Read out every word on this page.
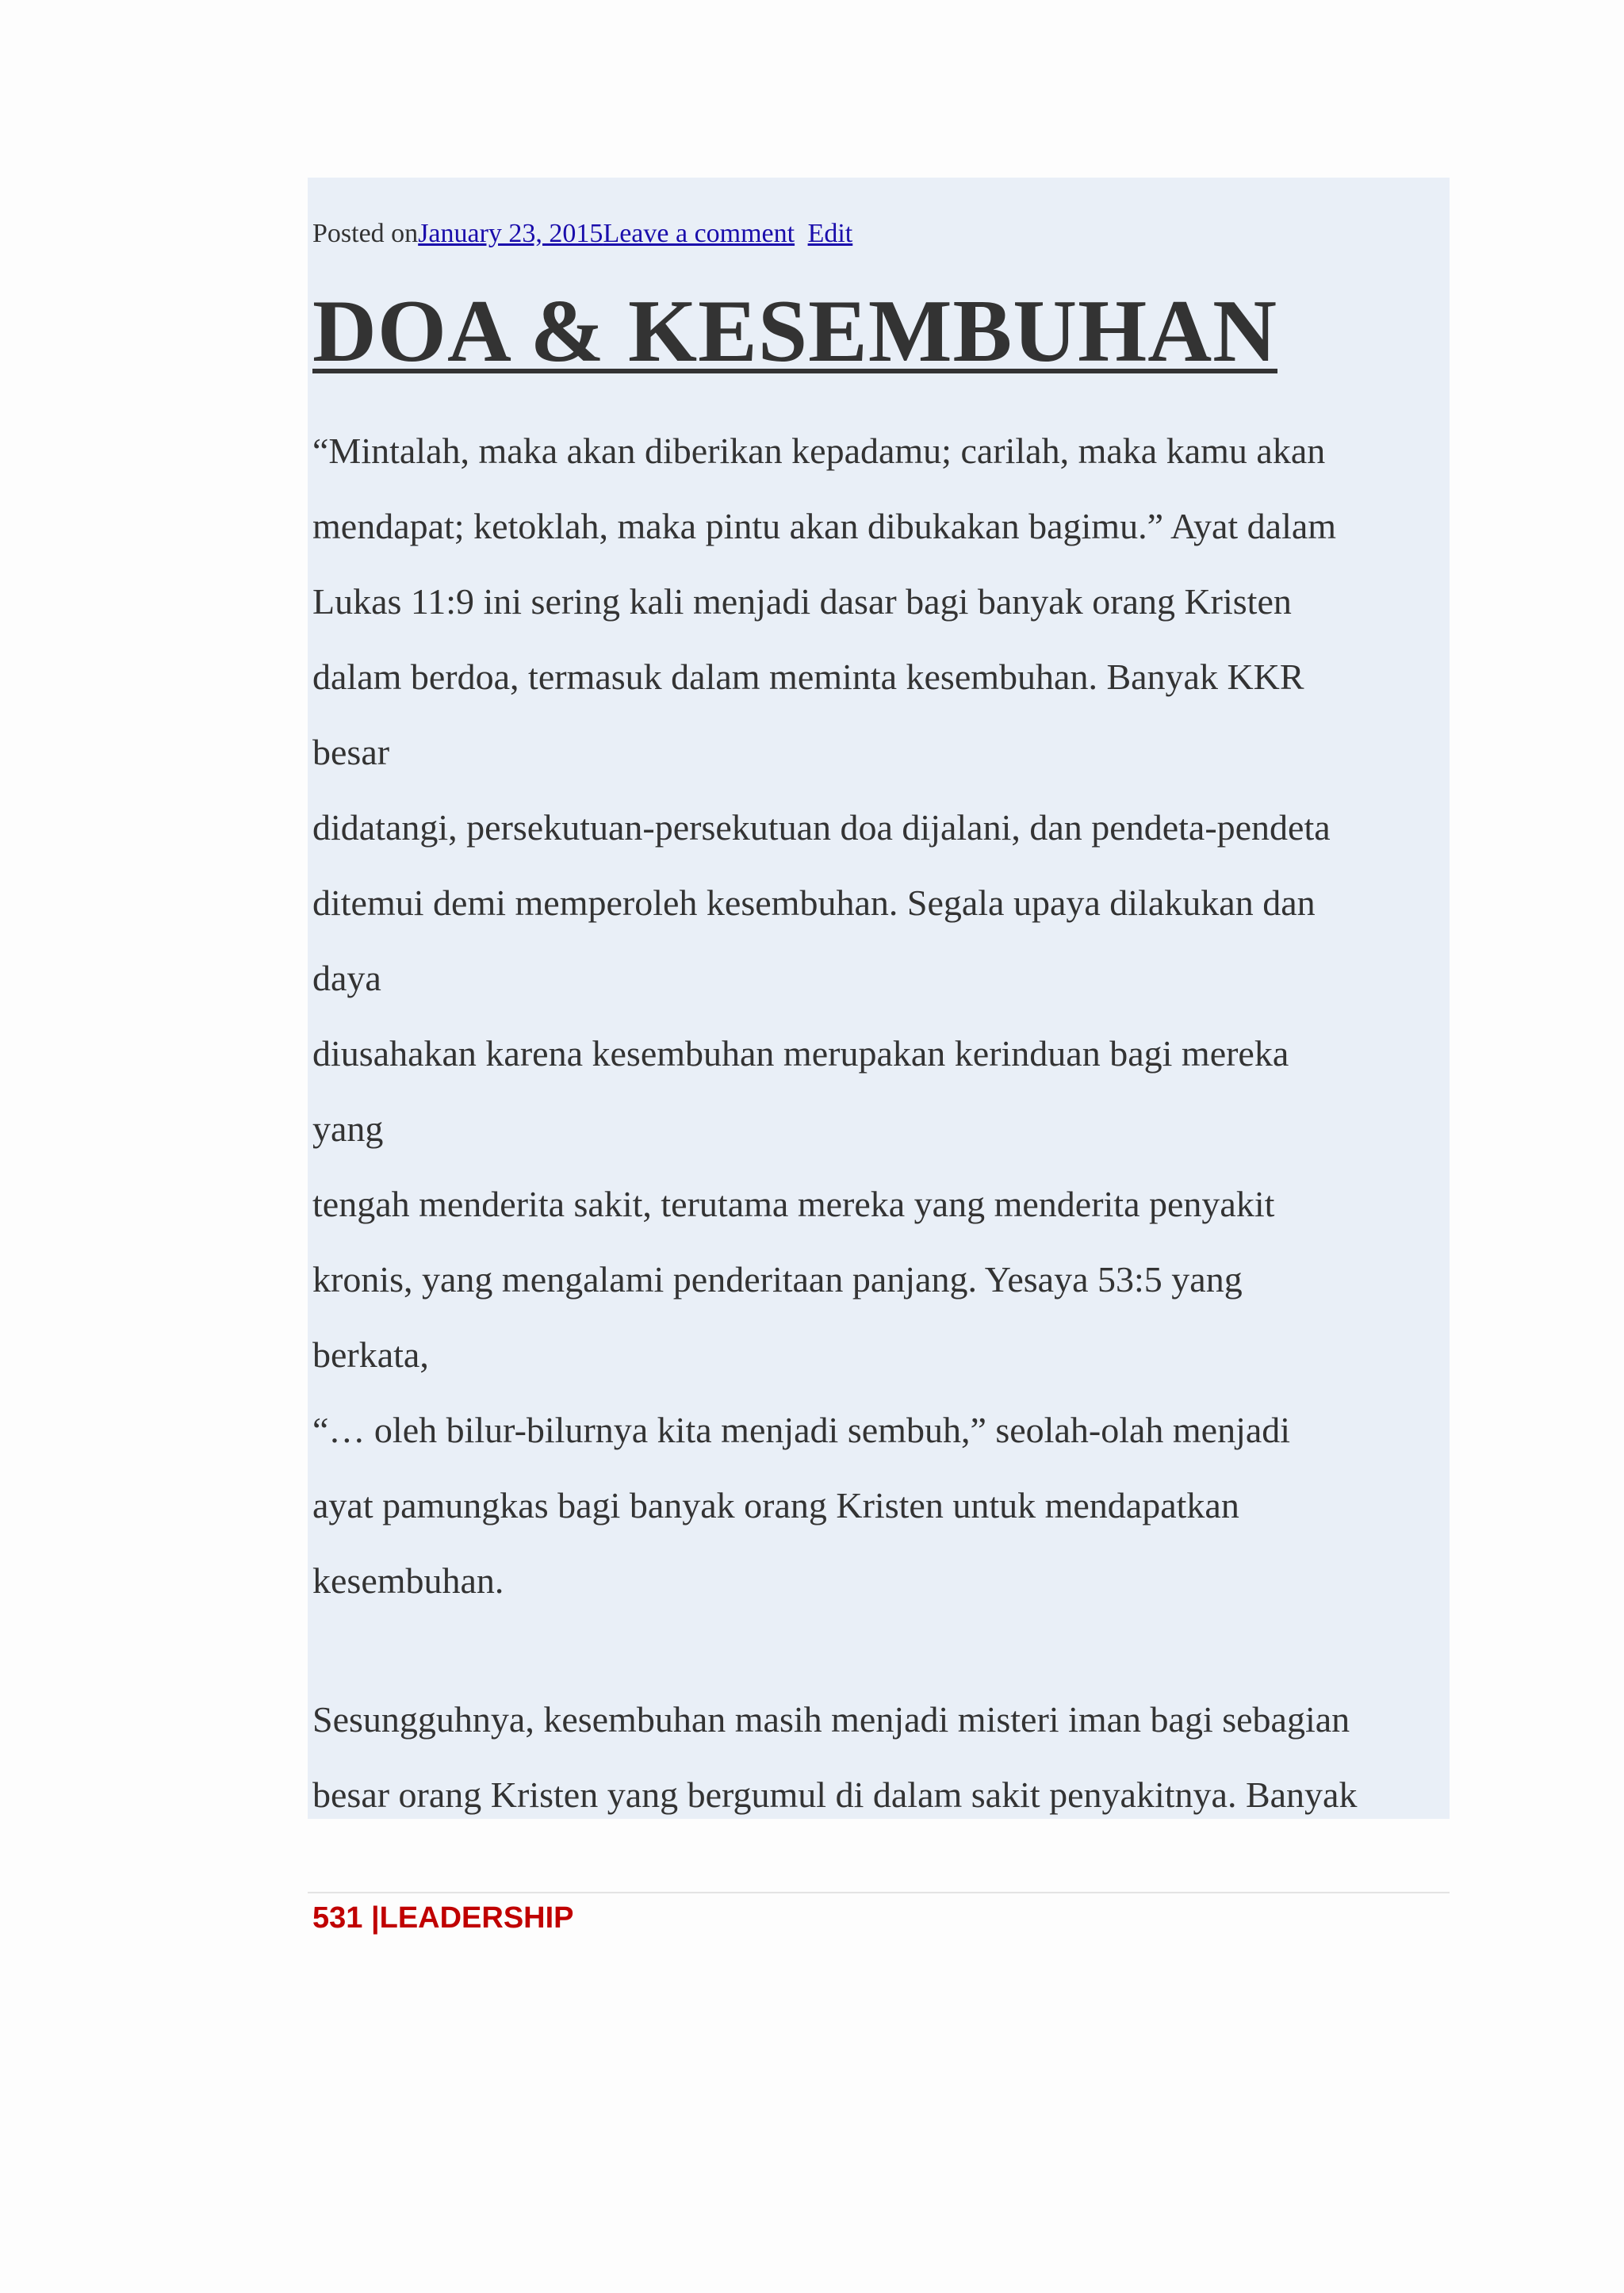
Posted onJanuary 23, 2015Leave a comment Edit
DOA & KESEMBUHAN

“Mintalah, maka akan diberikan kepadamu; carilah, maka kamu akan

mendapat; ketoklah, maka pintu akan dibukakan bagimu.” Ayat dalam

Lukas 11:9 ini sering kali menjadi dasar bagi banyak orang Kristen

dalam berdoa, termasuk dalam meminta kesembuhan. Banyak KKR

besar

didatangi, persekutuan-persekutuan doa dijalani, dan pendeta-pendeta

ditemui demi memperoleh kesembuhan. Segala upaya dilakukan dan

daya

diusahakan karena kesembuhan merupakan kerinduan bagi mereka

yang

tengah menderita sakit, terutama mereka yang menderita penyakit

kronis, yang mengalami penderitaan panjang. Yesaya 53:5 yang

berkata,

“… oleh bilur-bilurnya kita menjadi sembuh,” seolah-olah menjadi

ayat pamungkas bagi banyak orang Kristen untuk mendapatkan

kesembuhan.

Sesungguhnya, kesembuhan masih menjadi misteri iman bagi sebagian

besar orang Kristen yang bergumul di dalam sakit penyakitnya. Banyak

531 |LEADERSHIP
